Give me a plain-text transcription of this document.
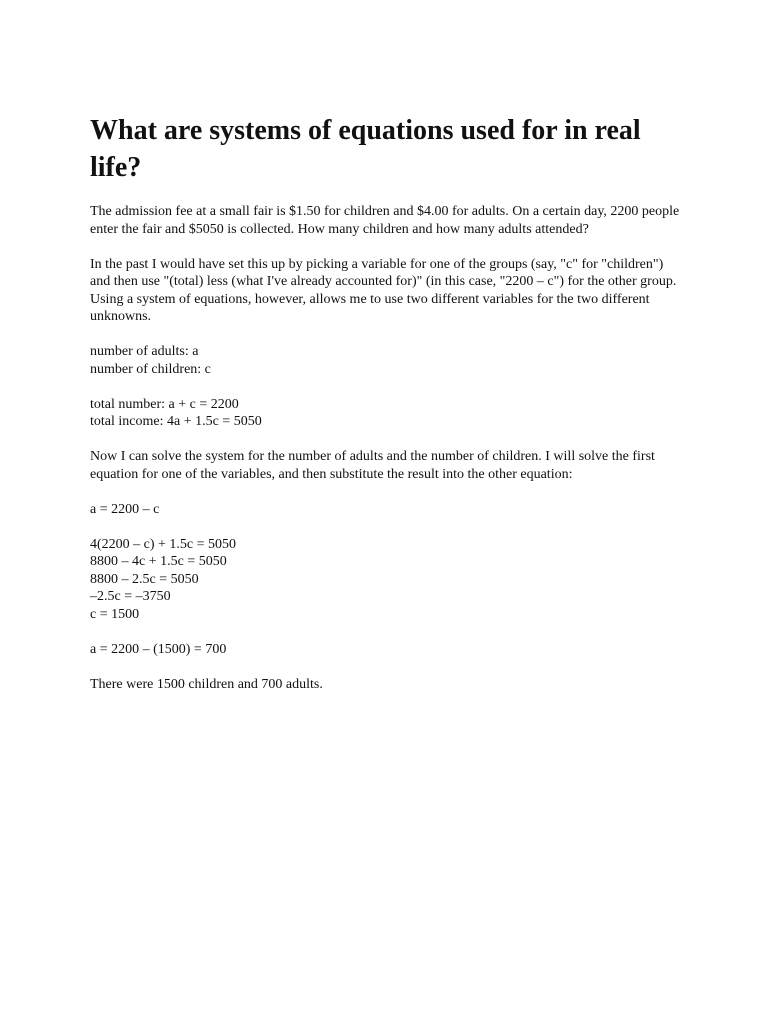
What are systems of equations used for in real life?

The admission fee at a small fair is $1.50 for children and $4.00 for adults. On a certain day, 2200 people enter the fair and $5050 is collected. How many children and how many adults attended?

In the past I would have set this up by picking a variable for one of the groups (say, "c" for "children") and then use "(total) less (what I've already accounted for)" (in this case, "2200 – c") for the other group. Using a system of equations, however, allows me to use two different variables for the two different unknowns.

number of adults: a
number of children: c
total number: a + c = 2200
total income: 4a + 1.5c = 5050

Now I can solve the system for the number of adults and the number of children. I will solve the first equation for one of the variables, and then substitute the result into the other equation:

a = 2200 – c
4(2200 – c) + 1.5c = 5050
8800 – 4c + 1.5c = 5050
8800 – 2.5c = 5050
–2.5c = –3750
c = 1500
a = 2200 – (1500) = 700

There were 1500 children and 700 adults.
